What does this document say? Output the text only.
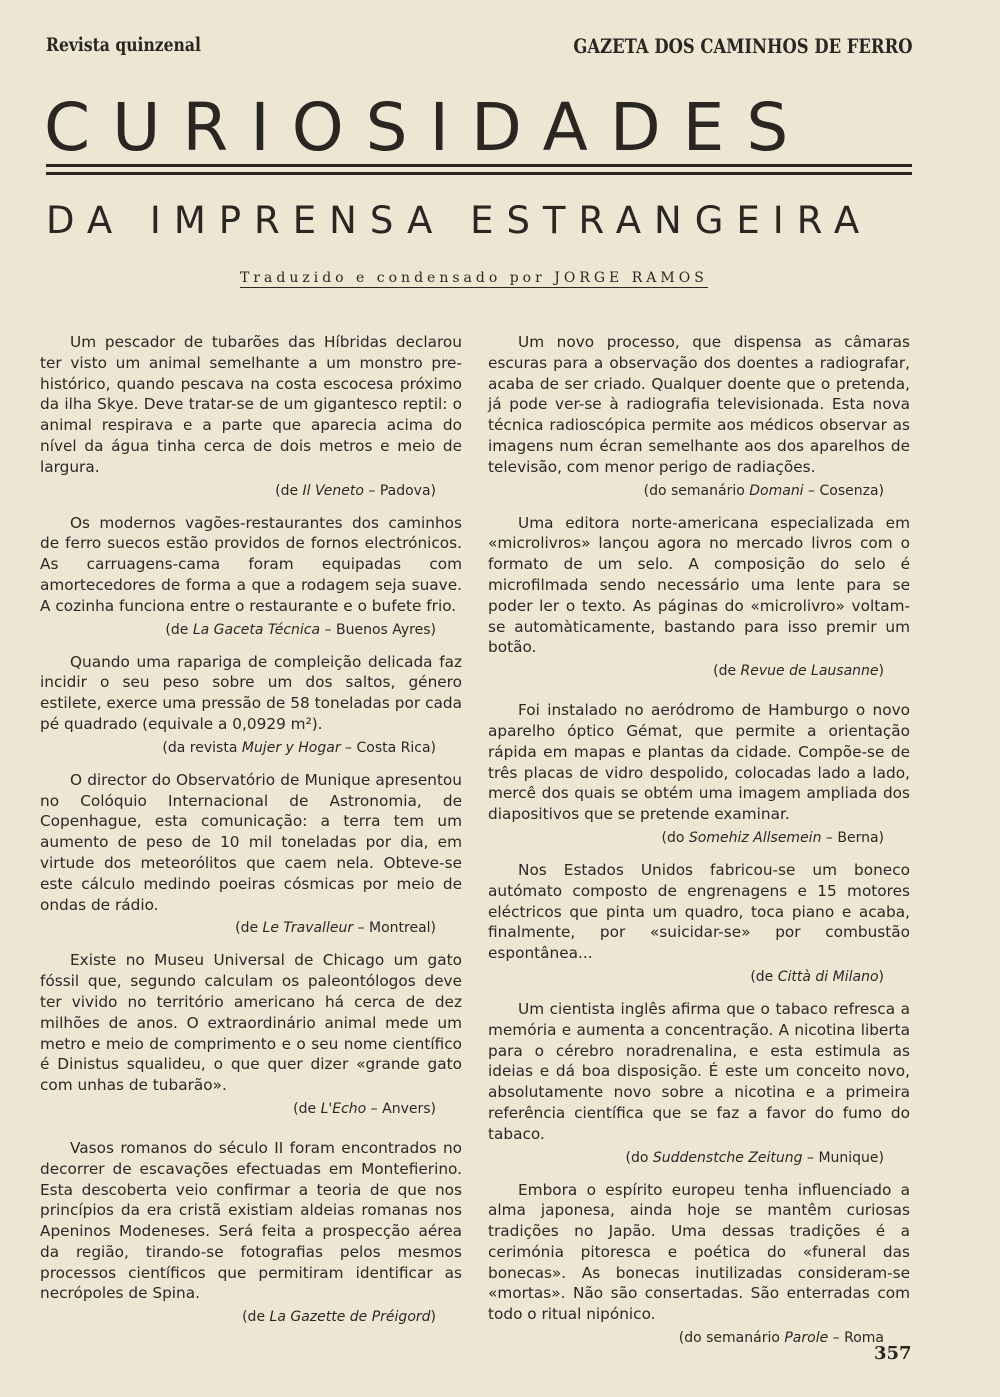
Revista quinzenal	GAZETA DOS CAMINHOS DE FERRO
CURIOSIDADES
DA IMPRENSA ESTRANGEIRA
Traduzido e condensado por JORGE RAMOS

Um pescador de tubarões das Híbridas declarou ter visto um animal semelhante a um monstro pre-histórico, quando pescava na costa escocesa próximo da ilha Skye. Deve tratar-se de um gigantesco reptil: o animal respirava e a parte que aparecia acima do nível da água tinha cerca de dois metros e meio de largura.

(de Il Veneto – Padova)

Os modernos vagões-restaurantes dos caminhos de ferro suecos estão providos de fornos electrónicos. As carruagens-cama foram equipadas com amortecedores de forma a que a rodagem seja suave. A cozinha funciona entre o restaurante e o bufete frio.

(de La Gaceta Técnica – Buenos Ayres)

Quando uma rapariga de compleição delicada faz incidir o seu peso sobre um dos saltos, género estilete, exerce uma pressão de 58 toneladas por cada pé quadrado (equivale a 0,0929 m²).

(da revista Mujer y Hogar – Costa Rica)

O director do Observatório de Munique apresentou no Colóquio Internacional de Astronomia, de Copenhague, esta comunicação: a terra tem um aumento de peso de 10 mil toneladas por dia, em virtude dos meteorólitos que caem nela. Obteve-se este cálculo medindo poeiras cósmicas por meio de ondas de rádio.

(de Le Travalleur – Montreal)

Existe no Museu Universal de Chicago um gato fóssil que, segundo calculam os paleontólogos deve ter vivido no território americano há cerca de dez milhões de anos. O extraordinário animal mede um metro e meio de comprimento e o seu nome científico é Dinistus squalideu, o que quer dizer «grande gato com unhas de tubarão».

(de L'Echo – Anvers)

Vasos romanos do século II foram encontrados no decorrer de escavações efectuadas em Montefierino. Esta descoberta veio confirmar a teoria de que nos princípios da era cristã existiam aldeias romanas nos Apeninos Modeneses. Será feita a prospecção aérea da região, tirando-se fotografias pelos mesmos processos científicos que permitiram identificar as necrópoles de Spina.

(de La Gazette de Préigord)

Um novo processo, que dispensa as câmaras escuras para a observação dos doentes a radiografar, acaba de ser criado. Qualquer doente que o pretenda, já pode ver-se à radiografia televisionada. Esta nova técnica radioscópica permite aos médicos observar as imagens num écran semelhante aos dos aparelhos de televisão, com menor perigo de radiações.

(do semanário Domani – Cosenza)

Uma editora norte-americana especializada em «microlivros» lançou agora no mercado livros com o formato de um selo. A composição do selo é microfilmada sendo necessário uma lente para se poder ler o texto. As páginas do «microlivro» voltam-se automàticamente, bastando para isso premir um botão.

(de Revue de Lausanne)

Foi instalado no aeródromo de Hamburgo o novo aparelho óptico Gémat, que permite a orientação rápida em mapas e plantas da cidade. Compõe-se de três placas de vidro despolido, colocadas lado a lado, mercê dos quais se obtém uma imagem ampliada dos diapositivos que se pretende examinar.

(do Somehiz Allsemein – Berna)

Nos Estados Unidos fabricou-se um boneco autómato composto de engrenagens e 15 motores eléctricos que pinta um quadro, toca piano e acaba, finalmente, por «suicidar-se» por combustão espontânea...

(de Città di Milano)

Um cientista inglês afirma que o tabaco refresca a memória e aumenta a concentração. A nicotina liberta para o cérebro noradrenalina, e esta estimula as ideias e dá boa disposição. É este um conceito novo, absolutamente novo sobre a nicotina e a primeira referência científica que se faz a favor do fumo do tabaco.

(do Suddenstche Zeitung – Munique)

Embora o espírito europeu tenha influenciado a alma japonesa, ainda hoje se mantêm curiosas tradições no Japão. Uma dessas tradições é a cerimónia pitoresca e poética do «funeral das bonecas». As bonecas inutilizadas consideram-se «mortas». Não são consertadas. São enterradas com todo o ritual nipónico.

(do semanário Parole – Roma
357
